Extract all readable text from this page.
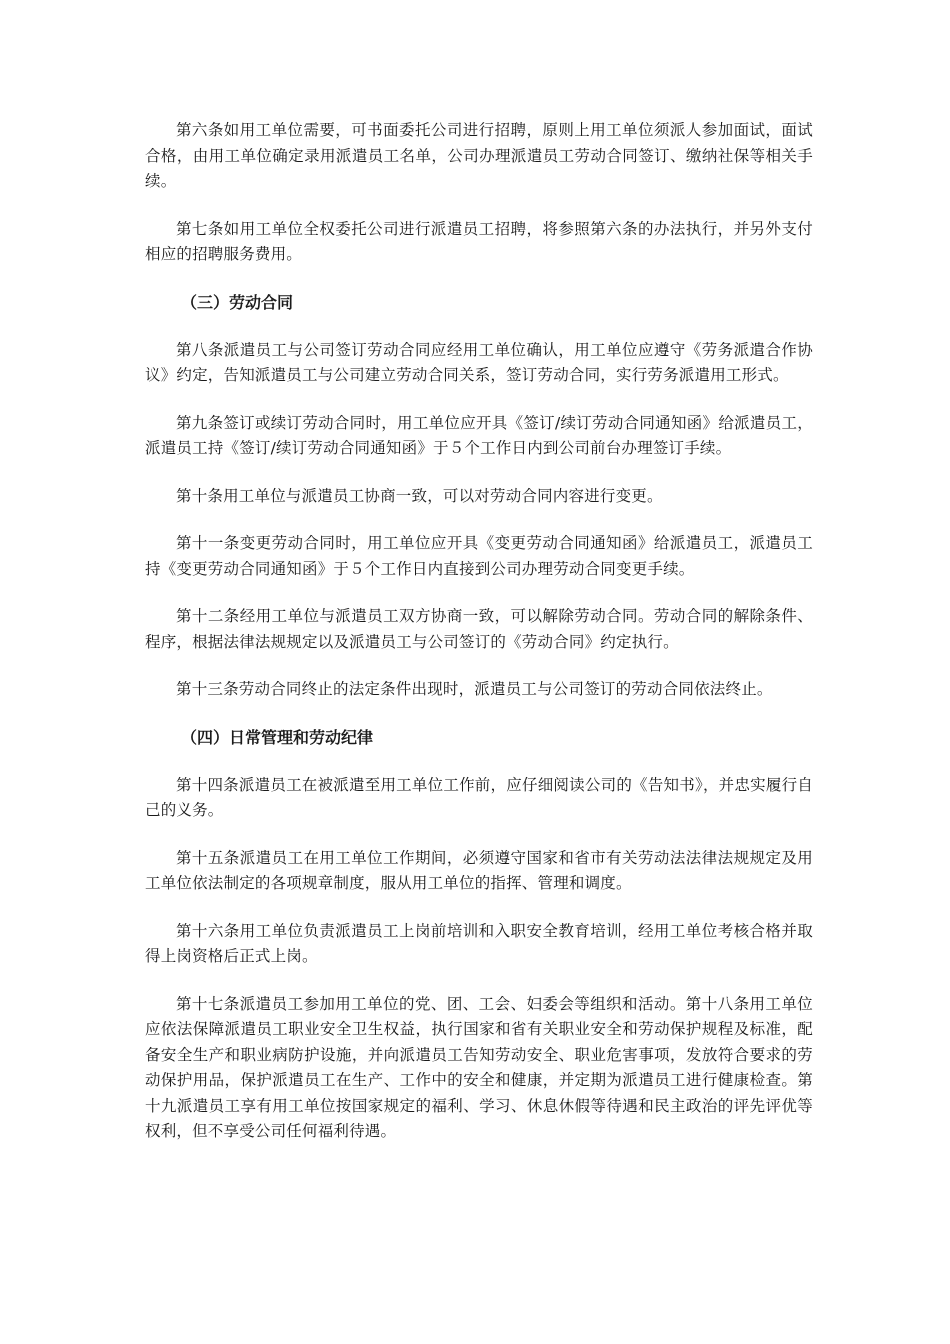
第六条如用工单位需要，可书面委托公司进行招聘，原则上用工单位须派人参加面试，面试合格，由用工单位确定录用派遣员工名单，公司办理派遣员工劳动合同签订、缴纳社保等相关手续。

第七条如用工单位全权委托公司进行派遣员工招聘，将参照第六条的办法执行，并另外支付相应的招聘服务费用。

（三）劳动合同

第八条派遣员工与公司签订劳动合同应经用工单位确认，用工单位应遵守《劳务派遣合作协议》约定，告知派遣员工与公司建立劳动合同关系，签订劳动合同，实行劳务派遣用工形式。

第九条签订或续订劳动合同时，用工单位应开具《签订/续订劳动合同通知函》给派遣员工，派遣员工持《签订/续订劳动合同通知函》于５个工作日内到公司前台办理签订手续。

第十条用工单位与派遣员工协商一致，可以对劳动合同内容进行变更。

第十一条变更劳动合同时，用工单位应开具《变更劳动合同通知函》给派遣员工，派遣员工持《变更劳动合同通知函》于５个工作日内直接到公司办理劳动合同变更手续。

第十二条经用工单位与派遣员工双方协商一致，可以解除劳动合同。劳动合同的解除条件、程序，根据法律法规规定以及派遣员工与公司签订的《劳动合同》约定执行。

第十三条劳动合同终止的法定条件出现时，派遣员工与公司签订的劳动合同依法终止。

（四）日常管理和劳动纪律

第十四条派遣员工在被派遣至用工单位工作前，应仔细阅读公司的《告知书》，并忠实履行自己的义务。

第十五条派遣员工在用工单位工作期间，必须遵守国家和省市有关劳动法法律法规规定及用工单位依法制定的各项规章制度，服从用工单位的指挥、管理和调度。

第十六条用工单位负责派遣员工上岗前培训和入职安全教育培训，经用工单位考核合格并取得上岗资格后正式上岗。

第十七条派遣员工参加用工单位的党、团、工会、妇委会等组织和活动。第十八条用工单位应依法保障派遣员工职业安全卫生权益，执行国家和省有关职业安全和劳动保护规程及标准，配备安全生产和职业病防护设施，并向派遣员工告知劳动安全、职业危害事项，发放符合要求的劳动保护用品，保护派遣员工在生产、工作中的安全和健康，并定期为派遣员工进行健康检查。第十九派遣员工享有用工单位按国家规定的福利、学习、休息休假等待遇和民主政治的评先评优等权利，但不享受公司任何福利待遇。
